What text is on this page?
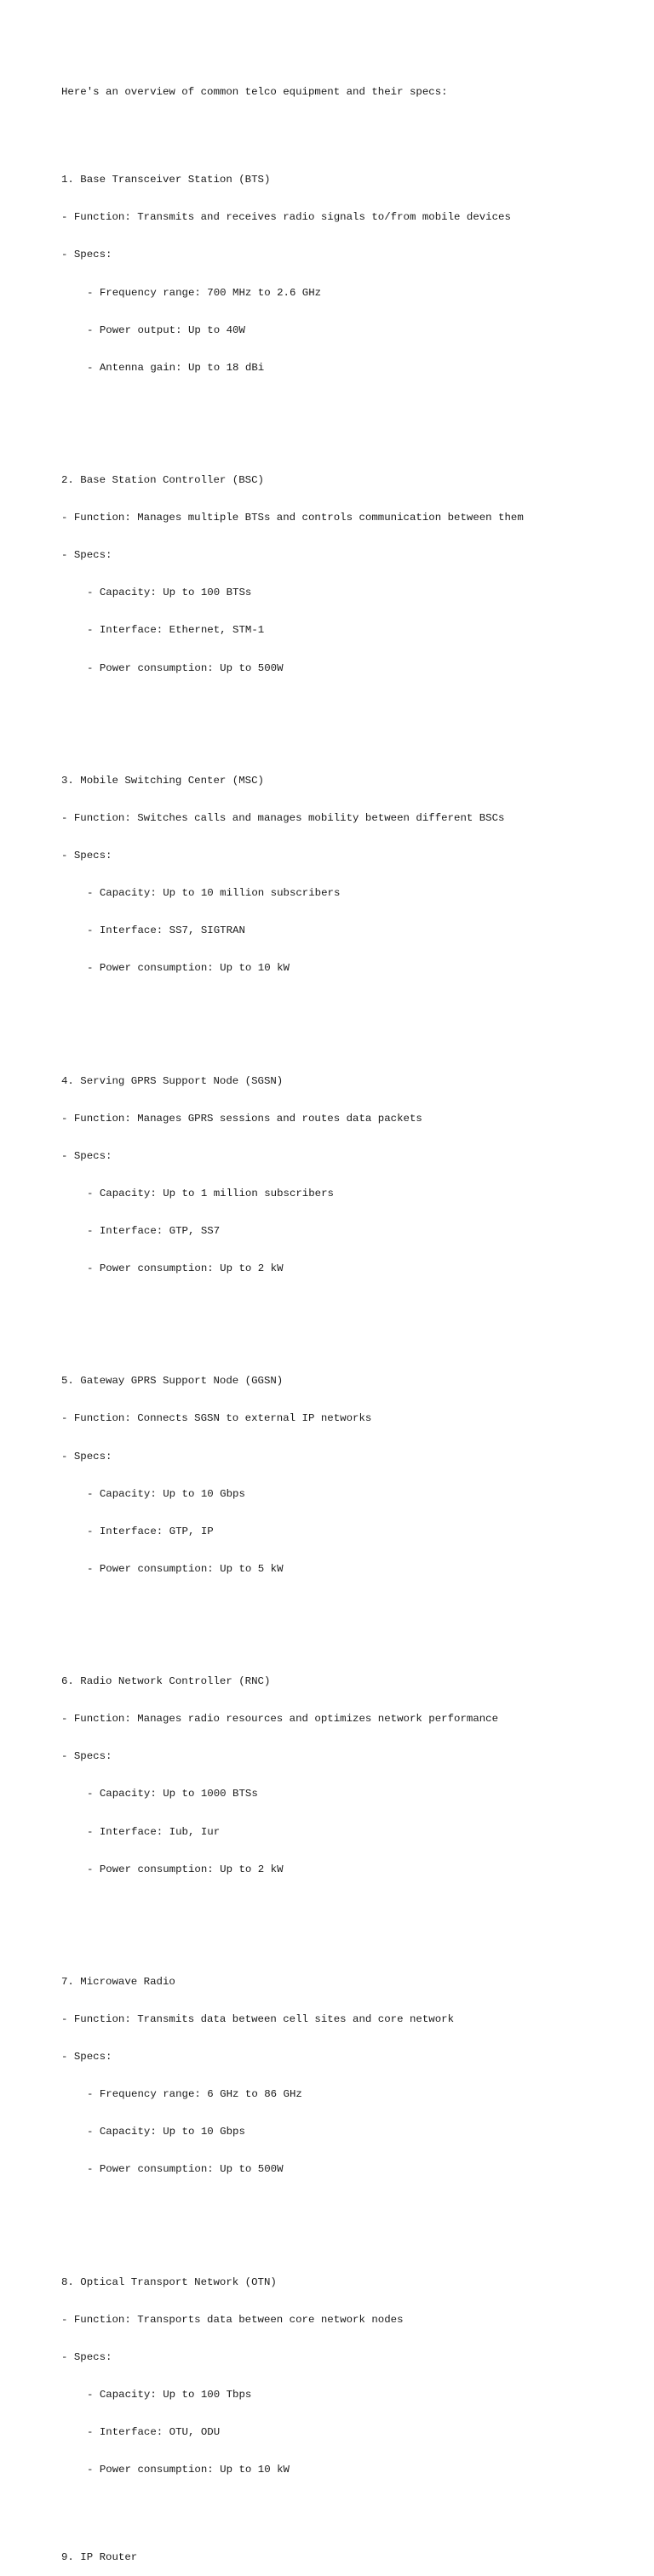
Here's an overview of common telco equipment and their specs:

1. Base Transceiver Station (BTS)

- Function: Transmits and receives radio signals to/from mobile devices

- Specs:

- Frequency range: 700 MHz to 2.6 GHz

- Power output: Up to 40W

- Antenna gain: Up to 18 dBi

2. Base Station Controller (BSC)

- Function: Manages multiple BTSs and controls communication between them

- Specs:

- Capacity: Up to 100 BTSs

- Interface: Ethernet, STM-1

- Power consumption: Up to 500W

3. Mobile Switching Center (MSC)

- Function: Switches calls and manages mobility between different BSCs

- Specs:

- Capacity: Up to 10 million subscribers

- Interface: SS7, SIGTRAN

- Power consumption: Up to 10 kW

4. Serving GPRS Support Node (SGSN)

- Function: Manages GPRS sessions and routes data packets

- Specs:

- Capacity: Up to 1 million subscribers

- Interface: GTP, SS7

- Power consumption: Up to 2 kW

5. Gateway GPRS Support Node (GGSN)

- Function: Connects SGSN to external IP networks

- Specs:

- Capacity: Up to 10 Gbps

- Interface: GTP, IP

- Power consumption: Up to 5 kW

6. Radio Network Controller (RNC)

- Function: Manages radio resources and optimizes network performance

- Specs:

- Capacity: Up to 1000 BTSs

- Interface: Iub, Iur

- Power consumption: Up to 2 kW

7. Microwave Radio

- Function: Transmits data between cell sites and core network

- Specs:

- Frequency range: 6 GHz to 86 GHz

- Capacity: Up to 10 Gbps

- Power consumption: Up to 500W

8. Optical Transport Network (OTN)

- Function: Transports data between core network nodes

- Specs:

- Capacity: Up to 100 Tbps

- Interface: OTU, ODU

- Power consumption: Up to 10 kW

9. IP Router
